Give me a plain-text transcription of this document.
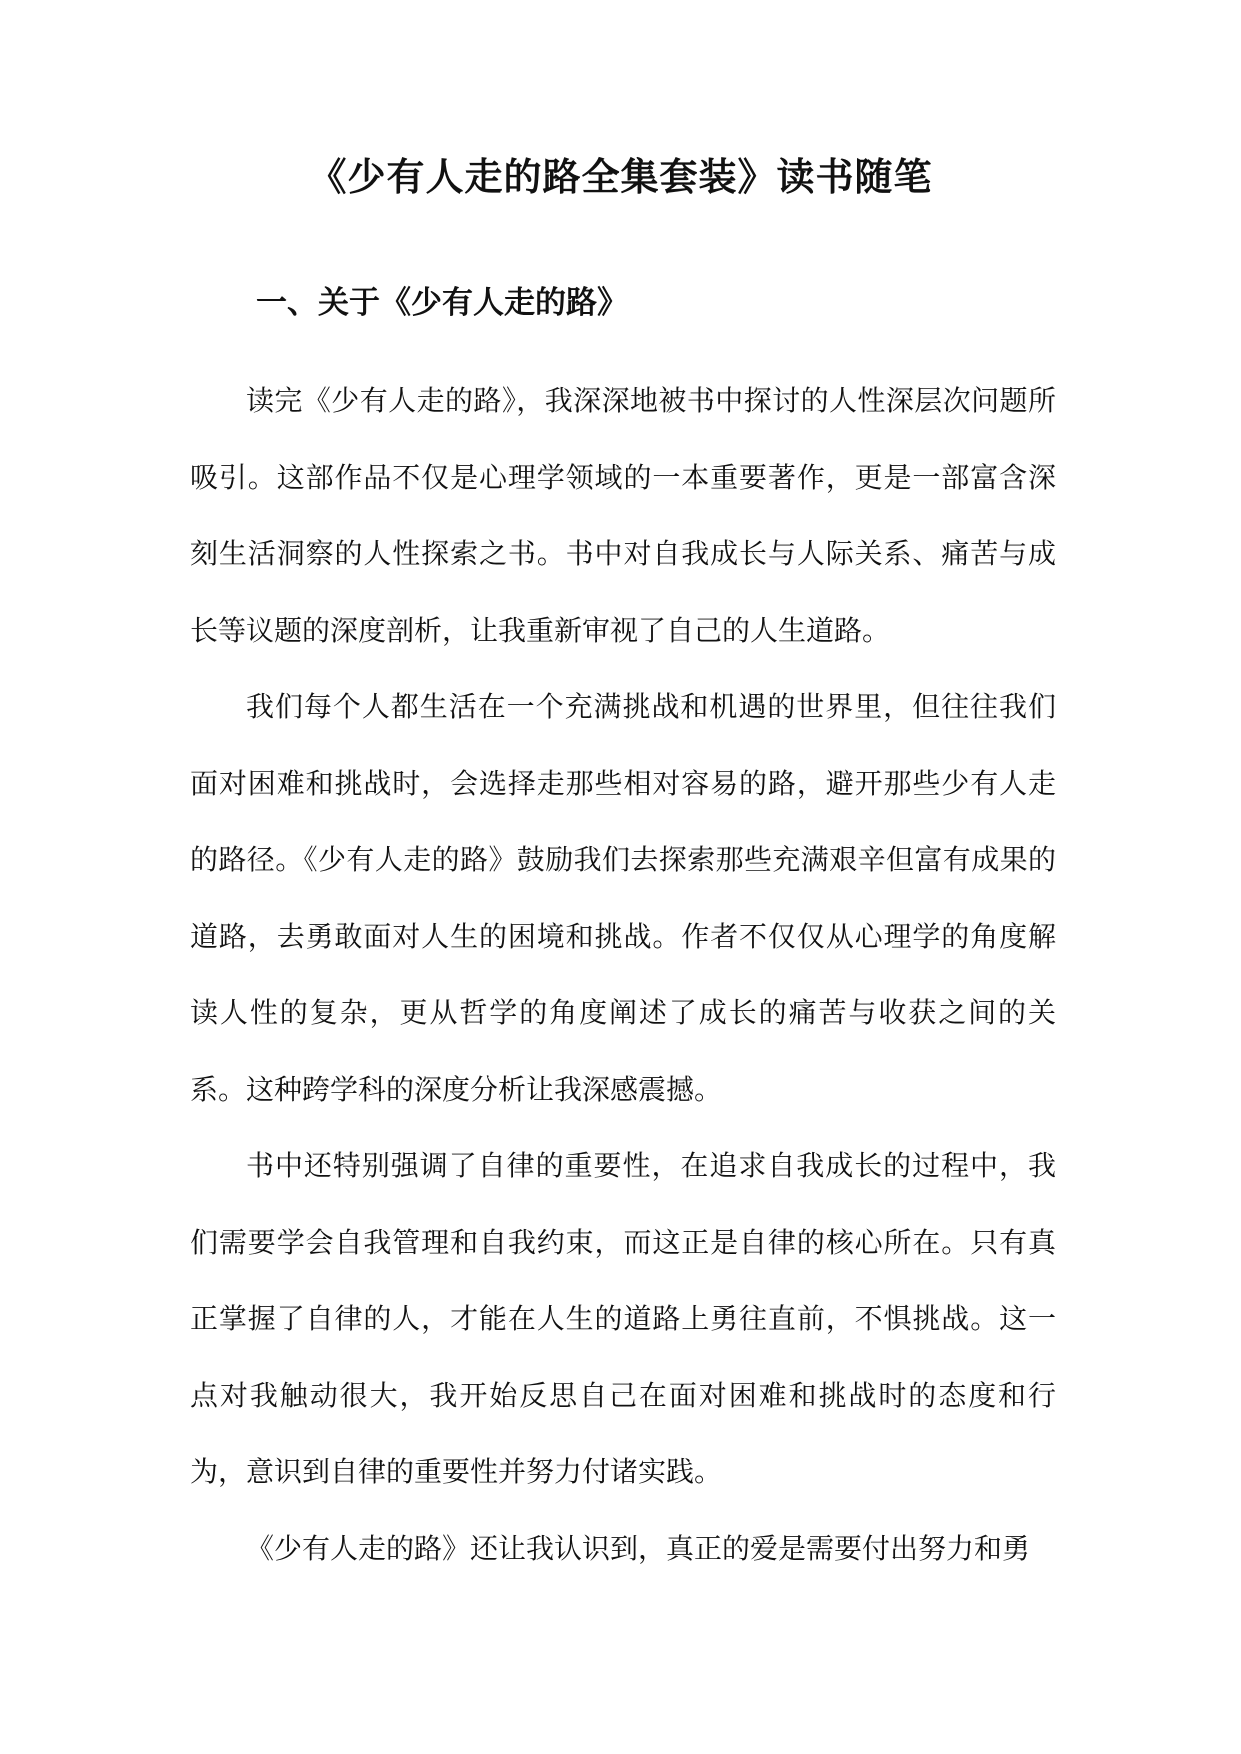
《少有人走的路全集套装》读书随笔
一、关于《少有人走的路》

读完《少有人走的路》，我深深地被书中探讨的人性深层次问题所吸引。这部作品不仅是心理学领域的一本重要著作，更是一部富含深刻生活洞察的人性探索之书。书中对自我成长与人际关系、痛苦与成长等议题的深度剖析，让我重新审视了自己的人生道路。

我们每个人都生活在一个充满挑战和机遇的世界里，但往往我们面对困难和挑战时，会选择走那些相对容易的路，避开那些少有人走的路径。《少有人走的路》鼓励我们去探索那些充满艰辛但富有成果的道路，去勇敢面对人生的困境和挑战。作者不仅仅从心理学的角度解读人性的复杂，更从哲学的角度阐述了成长的痛苦与收获之间的关系。这种跨学科的深度分析让我深感震撼。

书中还特别强调了自律的重要性，在追求自我成长的过程中，我们需要学会自我管理和自我约束，而这正是自律的核心所在。只有真正掌握了自律的人，才能在人生的道路上勇往直前，不惧挑战。这一点对我触动很大，我开始反思自己在面对困难和挑战时的态度和行为，意识到自律的重要性并努力付诸实践。

《少有人走的路》还让我认识到，真正的爱是需要付出努力和勇
